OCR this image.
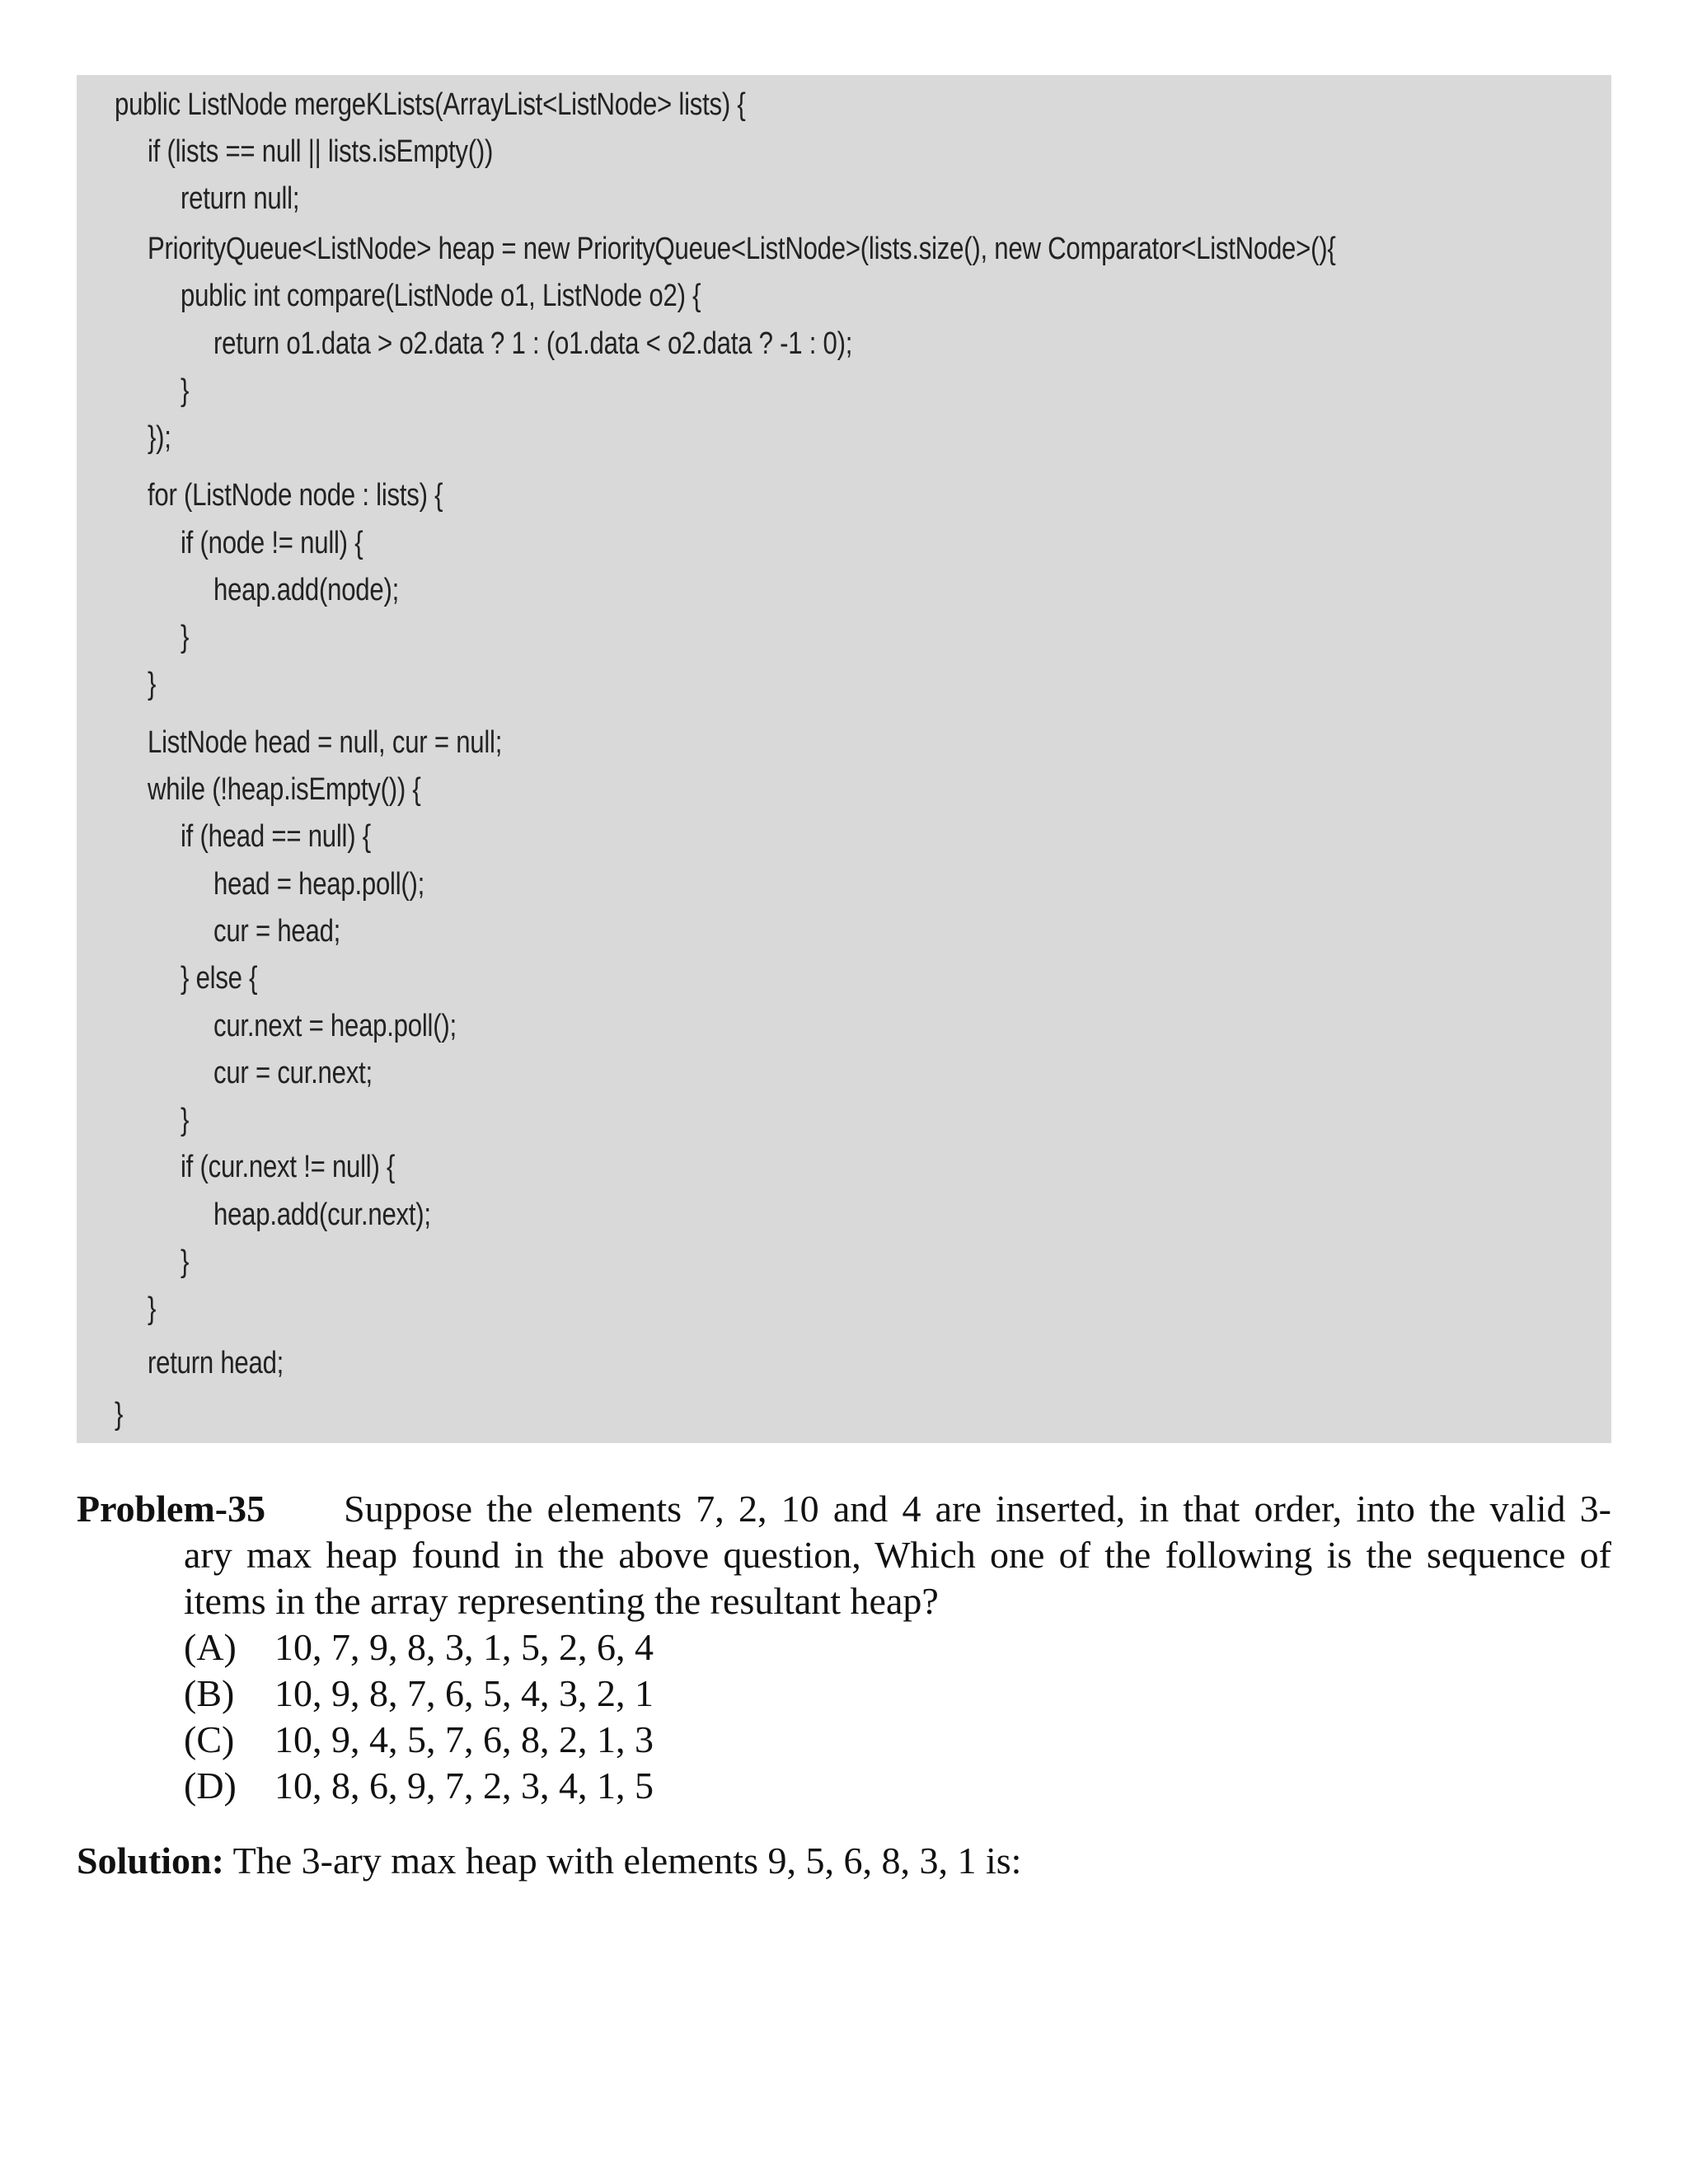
public ListNode mergeKLists(ArrayList<ListNode> lists) {
if (lists == null || lists.isEmpty())
return null;
PriorityQueue<ListNode> heap = new PriorityQueue<ListNode>(lists.size(), new Comparator<ListNode>(){
public int compare(ListNode o1, ListNode o2) {
return o1.data > o2.data ? 1 : (o1.data < o2.data ? -1 : 0);
}
});
for (ListNode node : lists) {
if (node != null) {
heap.add(node);
}
}
ListNode head = null, cur = null;
while (!heap.isEmpty()) {
if (head == null) {
head = heap.poll();
cur = head;
} else {
cur.next = heap.poll();
cur = cur.next;
}
if (cur.next != null) {
heap.add(cur.next);
}
}
return head;
}
Problem-35 Suppose the elements 7, 2, 10 and 4 are inserted, in that order, into the valid 3-
ary max heap found in the above question, Which one of the following is the sequence of
items in the array representing the resultant heap?
(A) 10, 7, 9, 8, 3, 1, 5, 2, 6, 4
(B) 10, 9, 8, 7, 6, 5, 4, 3, 2, 1
(C) 10, 9, 4, 5, 7, 6, 8, 2, 1, 3
(D) 10, 8, 6, 9, 7, 2, 3, 4, 1, 5
Solution: The 3-ary max heap with elements 9, 5, 6, 8, 3, 1 is:
